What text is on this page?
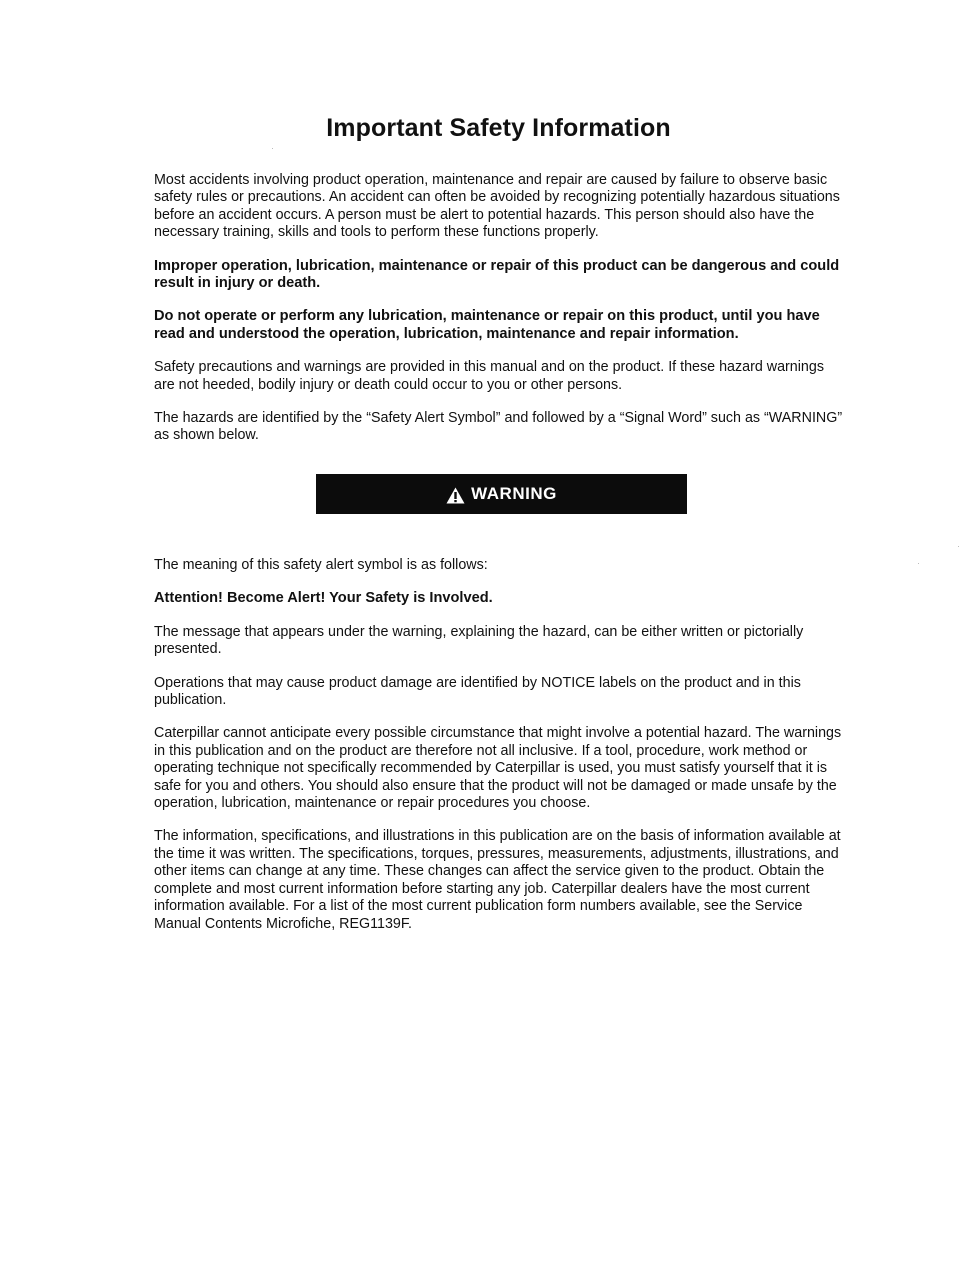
Important Safety Information

Most accidents involving product operation, maintenance and repair are caused by failure to observe basic safety rules or precautions. An accident can often be avoided by recognizing potentially hazardous situations before an accident occurs. A person must be alert to potential hazards. This person should also have the necessary training, skills and tools to perform these functions properly.

Improper operation, lubrication, maintenance or repair of this product can be dangerous and could result in injury or death.

Do not operate or perform any lubrication, maintenance or repair on this product, until you have read and understood the operation, lubrication, maintenance and repair information.

Safety precautions and warnings are provided in this manual and on the product. If these hazard warnings are not heeded, bodily injury or death could occur to you or other persons.

The hazards are identified by the “Safety Alert Symbol” and followed by a “Signal Word” such as “WARNING” as shown below.

WARNING

The meaning of this safety alert symbol is as follows:

Attention! Become Alert! Your Safety is Involved.

The message that appears under the warning, explaining the hazard, can be either written or pictorially presented.

Operations that may cause product damage are identified by NOTICE labels on the product and in this publication.

Caterpillar cannot anticipate every possible circumstance that might involve a potential hazard. The warnings in this publication and on the product are therefore not all inclusive. If a tool, procedure, work method or operating technique not specifically recommended by Caterpillar is used, you must satisfy yourself that it is safe for you and others. You should also ensure that the product will not be damaged or made unsafe by the operation, lubrication, maintenance or repair procedures you choose.

The information, specifications, and illustrations in this publication are on the basis of information available at the time it was written. The specifications, torques, pressures, measurements, adjustments, illustrations, and other items can change at any time. These changes can affect the service given to the product. Obtain the complete and most current information before starting any job. Caterpillar dealers have the most current information available. For a list of the most current publication form numbers available, see the Service Manual Contents Microfiche, REG1139F.
